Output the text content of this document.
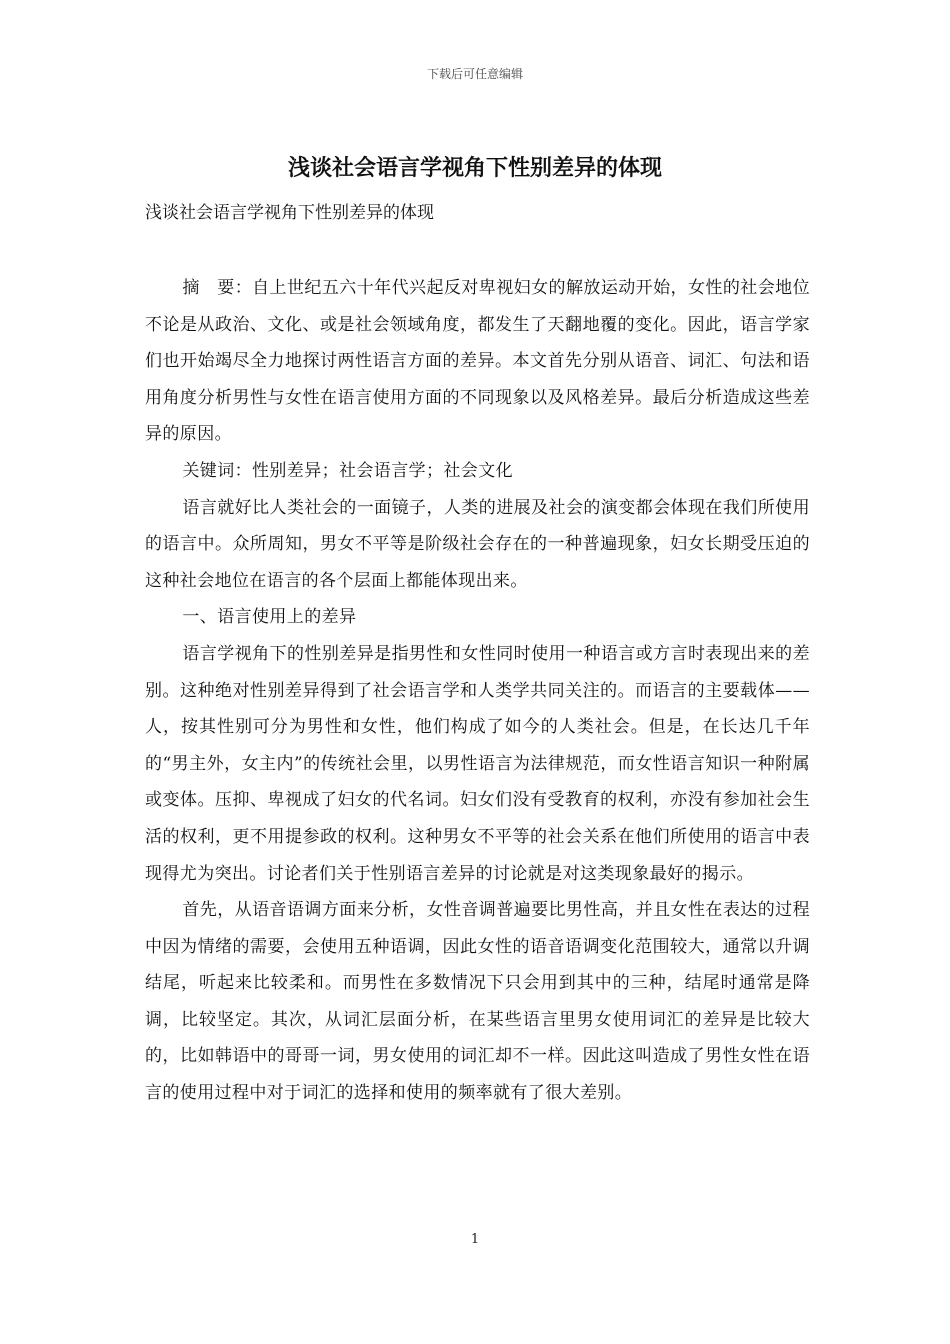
下载后可任意编辑
浅谈社会语言学视角下性别差异的体现

浅谈社会语言学视角下性别差异的体现

摘　要：自上世纪五六十年代兴起反对卑视妇女的解放运动开始，女性的社会地位不论是从政治、文化、或是社会领域角度，都发生了天翻地覆的变化。因此，语言学家们也开始竭尽全力地探讨两性语言方面的差异。本文首先分别从语音、词汇、句法和语用角度分析男性与女性在语言使用方面的不同现象以及风格差异。最后分析造成这些差异的原因。

关键词：性别差异；社会语言学；社会文化

语言就好比人类社会的一面镜子，人类的进展及社会的演变都会体现在我们所使用的语言中。众所周知，男女不平等是阶级社会存在的一种普遍现象，妇女长期受压迫的这种社会地位在语言的各个层面上都能体现出来。

一、语言使用上的差异

语言学视角下的性别差异是指男性和女性同时使用一种语言或方言时表现出来的差别。这种绝对性别差异得到了社会语言学和人类学共同关注的。而语言的主要载体——人，按其性别可分为男性和女性，他们构成了如今的人类社会。但是，在长达几千年的“男主外，女主内”的传统社会里，以男性语言为法律规范，而女性语言知识一种附属或变体。压抑、卑视成了妇女的代名词。妇女们没有受教育的权利，亦没有参加社会生活的权利，更不用提参政的权利。这种男女不平等的社会关系在他们所使用的语言中表现得尤为突出。讨论者们关于性别语言差异的讨论就是对这类现象最好的揭示。

首先，从语音语调方面来分析，女性音调普遍要比男性高，并且女性在表达的过程中因为情绪的需要，会使用五种语调，因此女性的语音语调变化范围较大，通常以升调结尾，听起来比较柔和。而男性在多数情况下只会用到其中的三种，结尾时通常是降调，比较坚定。其次，从词汇层面分析，在某些语言里男女使用词汇的差异是比较大的，比如韩语中的哥哥一词，男女使用的词汇却不一样。因此这叫造成了男性女性在语言的使用过程中对于词汇的选择和使用的频率就有了很大差别。

1
